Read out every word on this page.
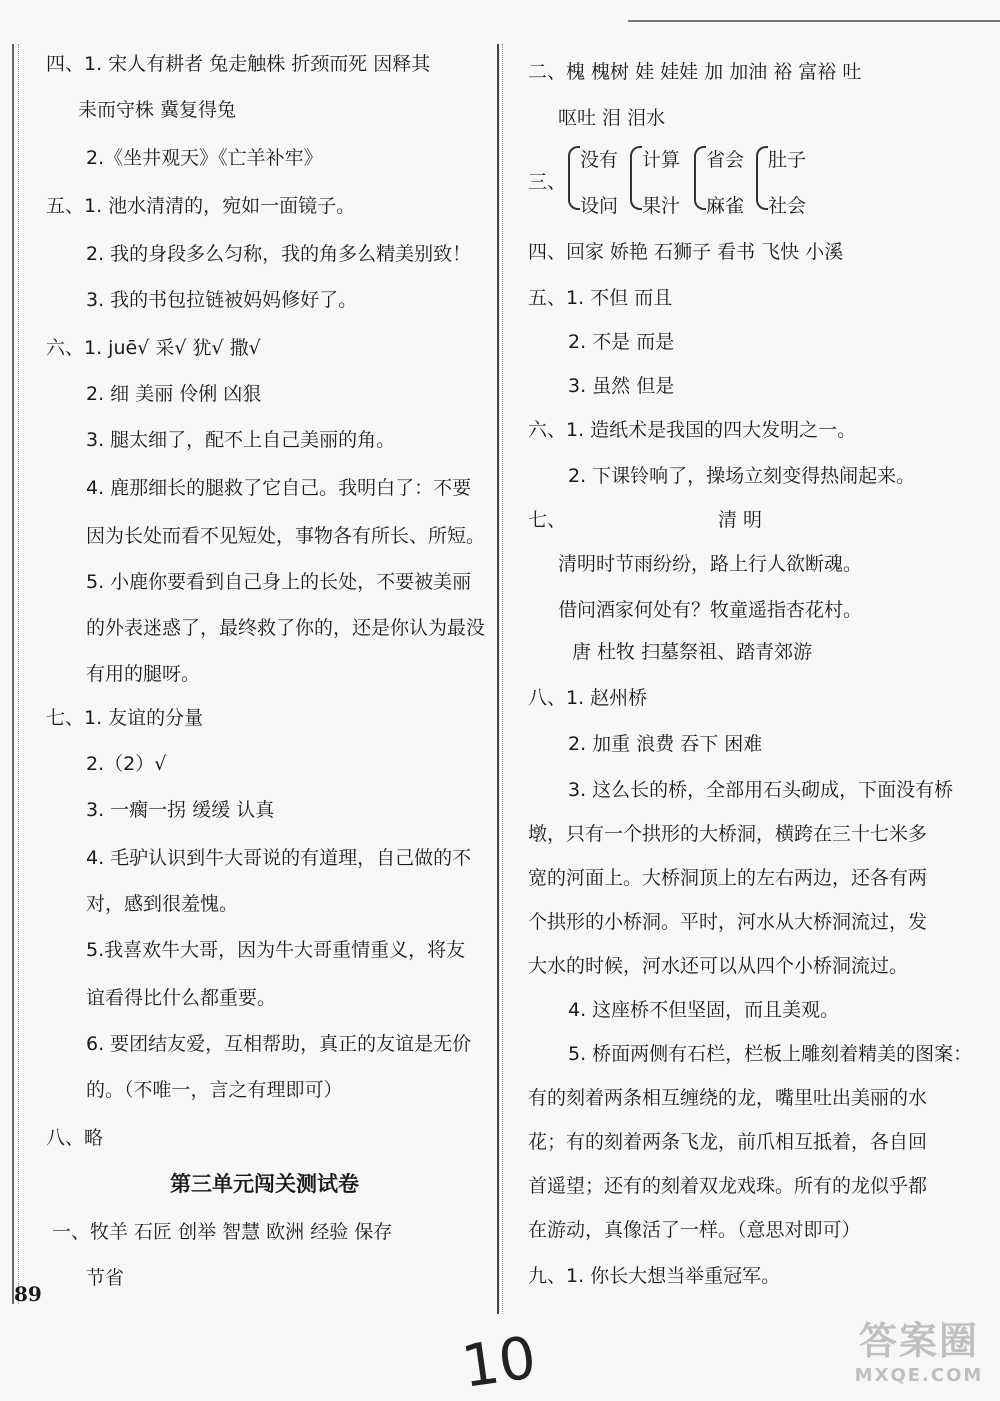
四、1. 宋人有耕者 兔走触株 折颈而死 因释其
耒而守株 冀复得兔
2.《坐井观天》《亡羊补牢》
五、1. 池水清清的，宛如一面镜子。
2. 我的身段多么匀称，我的角多么精美别致！
3. 我的书包拉链被妈妈修好了。
六、1. juē√ 采√ 犹√ 撒√
2. 细 美丽 伶俐 凶狠
3. 腿太细了，配不上自己美丽的角。
4. 鹿那细长的腿救了它自己。我明白了：不要
因为长处而看不见短处，事物各有所长、所短。
5. 小鹿你要看到自己身上的长处，不要被美丽
的外表迷惑了，最终救了你的，还是你认为最没
有用的腿呀。
七、1. 友谊的分量
2.（2）√
3. 一瘸一拐 缓缓 认真
4. 毛驴认识到牛大哥说的有道理，自己做的不
对，感到很羞愧。
5.我喜欢牛大哥，因为牛大哥重情重义，将友
谊看得比什么都重要。
6. 要团结友爱，互相帮助，真正的友谊是无价
的。（不唯一，言之有理即可）
八、略
第三单元闯关测试卷
一、牧羊 石匠 创举 智慧 欧洲 经验 保存
节省
二、槐 槐树 娃 娃娃 加 加油 裕 富裕 吐
呕吐 泪 泪水
三、
没有
设问
计算
果汁
省会
麻雀
肚子
社会
四、回家 娇艳 石狮子 看书 飞快 小溪
五、1. 不但 而且
2. 不是 而是
3. 虽然 但是
六、1. 造纸术是我国的四大发明之一。
2. 下课铃响了，操场立刻变得热闹起来。
七、	清 明
清明时节雨纷纷，路上行人欲断魂。
借问酒家何处有？牧童遥指杏花村。
唐 杜牧 扫墓祭祖、踏青郊游
八、1. 赵州桥
2. 加重 浪费 吞下 困难
3. 这么长的桥，全部用石头砌成，下面没有桥
墩，只有一个拱形的大桥洞，横跨在三十七米多
宽的河面上。大桥洞顶上的左右两边，还各有两
个拱形的小桥洞。平时，河水从大桥洞流过，发
大水的时候，河水还可以从四个小桥洞流过。
4. 这座桥不但坚固，而且美观。
5. 桥面两侧有石栏，栏板上雕刻着精美的图案：
有的刻着两条相互缠绕的龙，嘴里吐出美丽的水
花；有的刻着两条飞龙，前爪相互抵着，各自回
首遥望；还有的刻着双龙戏珠。所有的龙似乎都
在游动，真像活了一样。（意思对即可）
九、1. 你长大想当举重冠军。
89
10	答案圈
MXQE.COM
